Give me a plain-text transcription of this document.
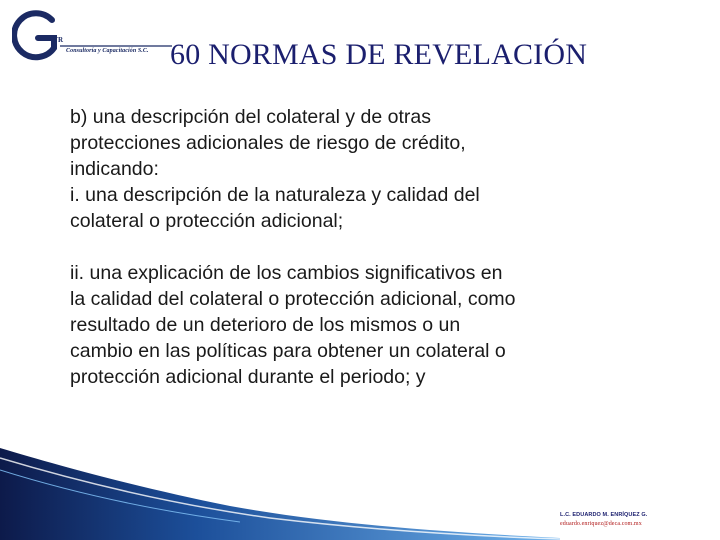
YR
Consultoría y Capacitación S.C. 60 NORMAS DE REVELACIÓN

b) una descripción del colateral y de otras

protecciones adicionales de riesgo de crédito,

indicando:

i. una descripción de la naturaleza y calidad del

colateral o protección adicional;

ii. una explicación de los cambios significativos en

la calidad del colateral o protección adicional, como

resultado de un deterioro de los mismos o un

cambio en las políticas para obtener un colateral o

protección adicional durante el periodo; y

L.C. EDUARDO M. ENRÍQUEZ G.
eduardo.enriquez@deca.com.mx
